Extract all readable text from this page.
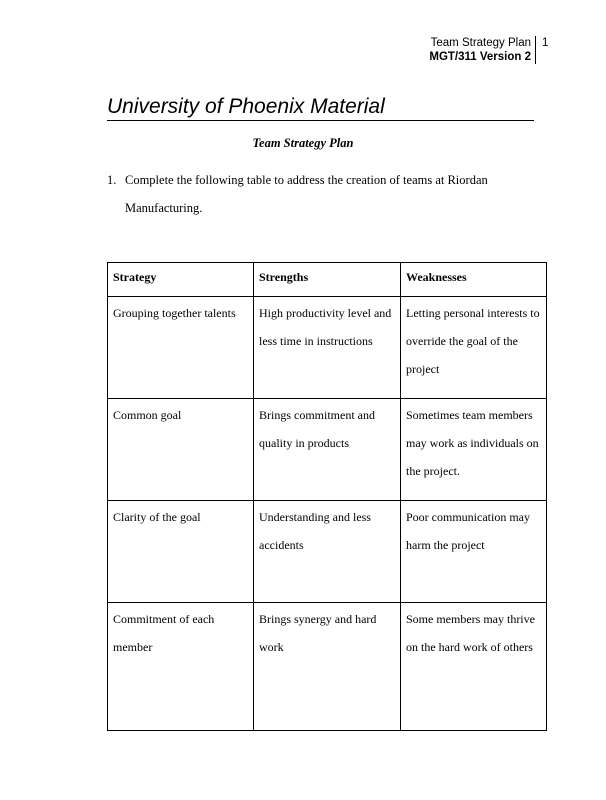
Team Strategy Plan
MGT/311 Version 2
1
University of Phoenix Material
Team Strategy Plan
1. Complete the following table to address the creation of teams at Riordan
Manufacturing.
Strategy	Strengths	Weaknesses
Grouping together talents	High productivity level and less time in instructions	Letting personal interests to override the goal of the project
Common goal	Brings commitment and quality in products	Sometimes team members may work as individuals on the project.
Clarity of the goal	Understanding and less accidents	Poor communication may harm the project
Commitment of each member	Brings synergy and hard work	Some members may thrive on the hard work of others
